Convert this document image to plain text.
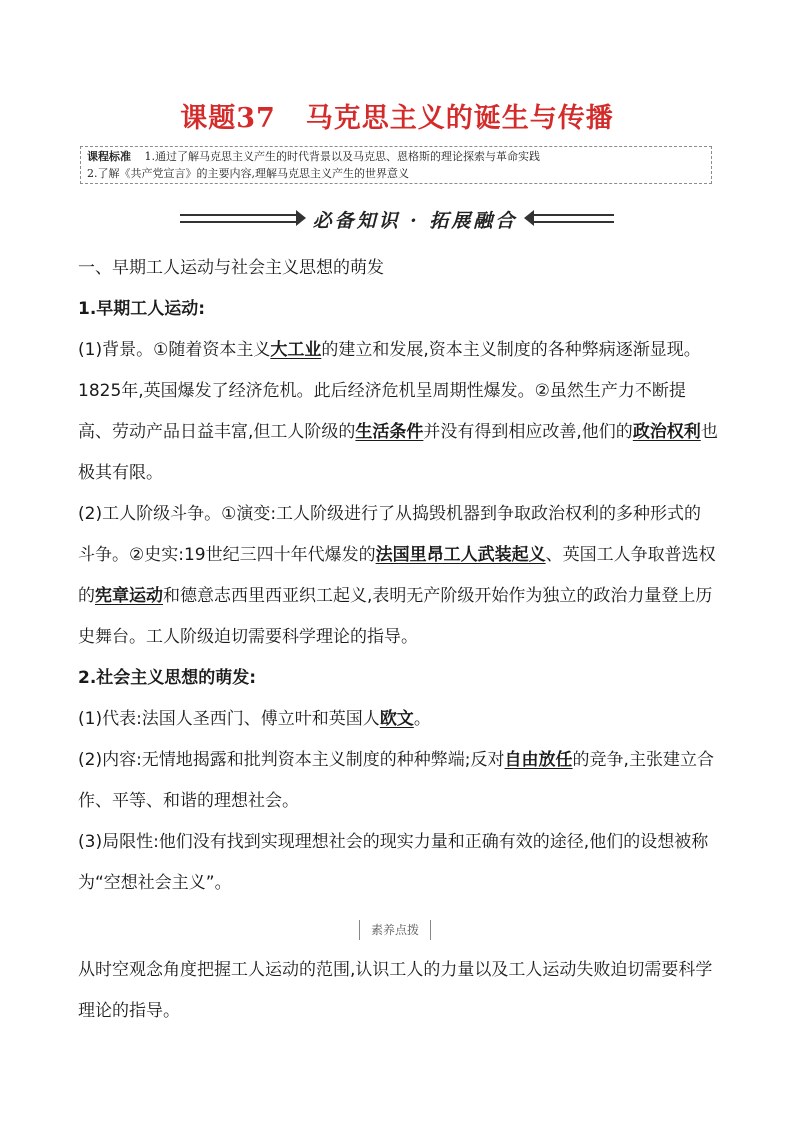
课题37 马克思主义的诞生与传播
课程标准 1.通过了解马克思主义产生的时代背景以及马克思、恩格斯的理论探索与革命实践
2.了解《共产党宣言》的主要内容,理解马克思主义产生的世界意义
必备知识 · 拓展融合

一、早期工人运动与社会主义思想的萌发

1.早期工人运动:

(1)背景。①随着资本主义大工业的建立和发展,资本主义制度的各种弊病逐渐显现。1825年,英国爆发了经济危机。此后经济危机呈周期性爆发。②虽然生产力不断提高、劳动产品日益丰富,但工人阶级的生活条件并没有得到相应改善,他们的政治权利也极其有限。

(2)工人阶级斗争。①演变:工人阶级进行了从捣毁机器到争取政治权利的多种形式的斗争。②史实:19世纪三四十年代爆发的法国里昂工人武装起义、英国工人争取普选权的宪章运动和德意志西里西亚织工起义,表明无产阶级开始作为独立的政治力量登上历史舞台。工人阶级迫切需要科学理论的指导。

2.社会主义思想的萌发:

(1)代表:法国人圣西门、傅立叶和英国人欧文。

(2)内容:无情地揭露和批判资本主义制度的种种弊端;反对自由放任的竞争,主张建立合作、平等、和谐的理想社会。

(3)局限性:他们没有找到实现理想社会的现实力量和正确有效的途径,他们的设想被称为“空想社会主义”。

素养点拨

从时空观念角度把握工人运动的范围,认识工人的力量以及工人运动失败迫切需要科学理论的指导。
